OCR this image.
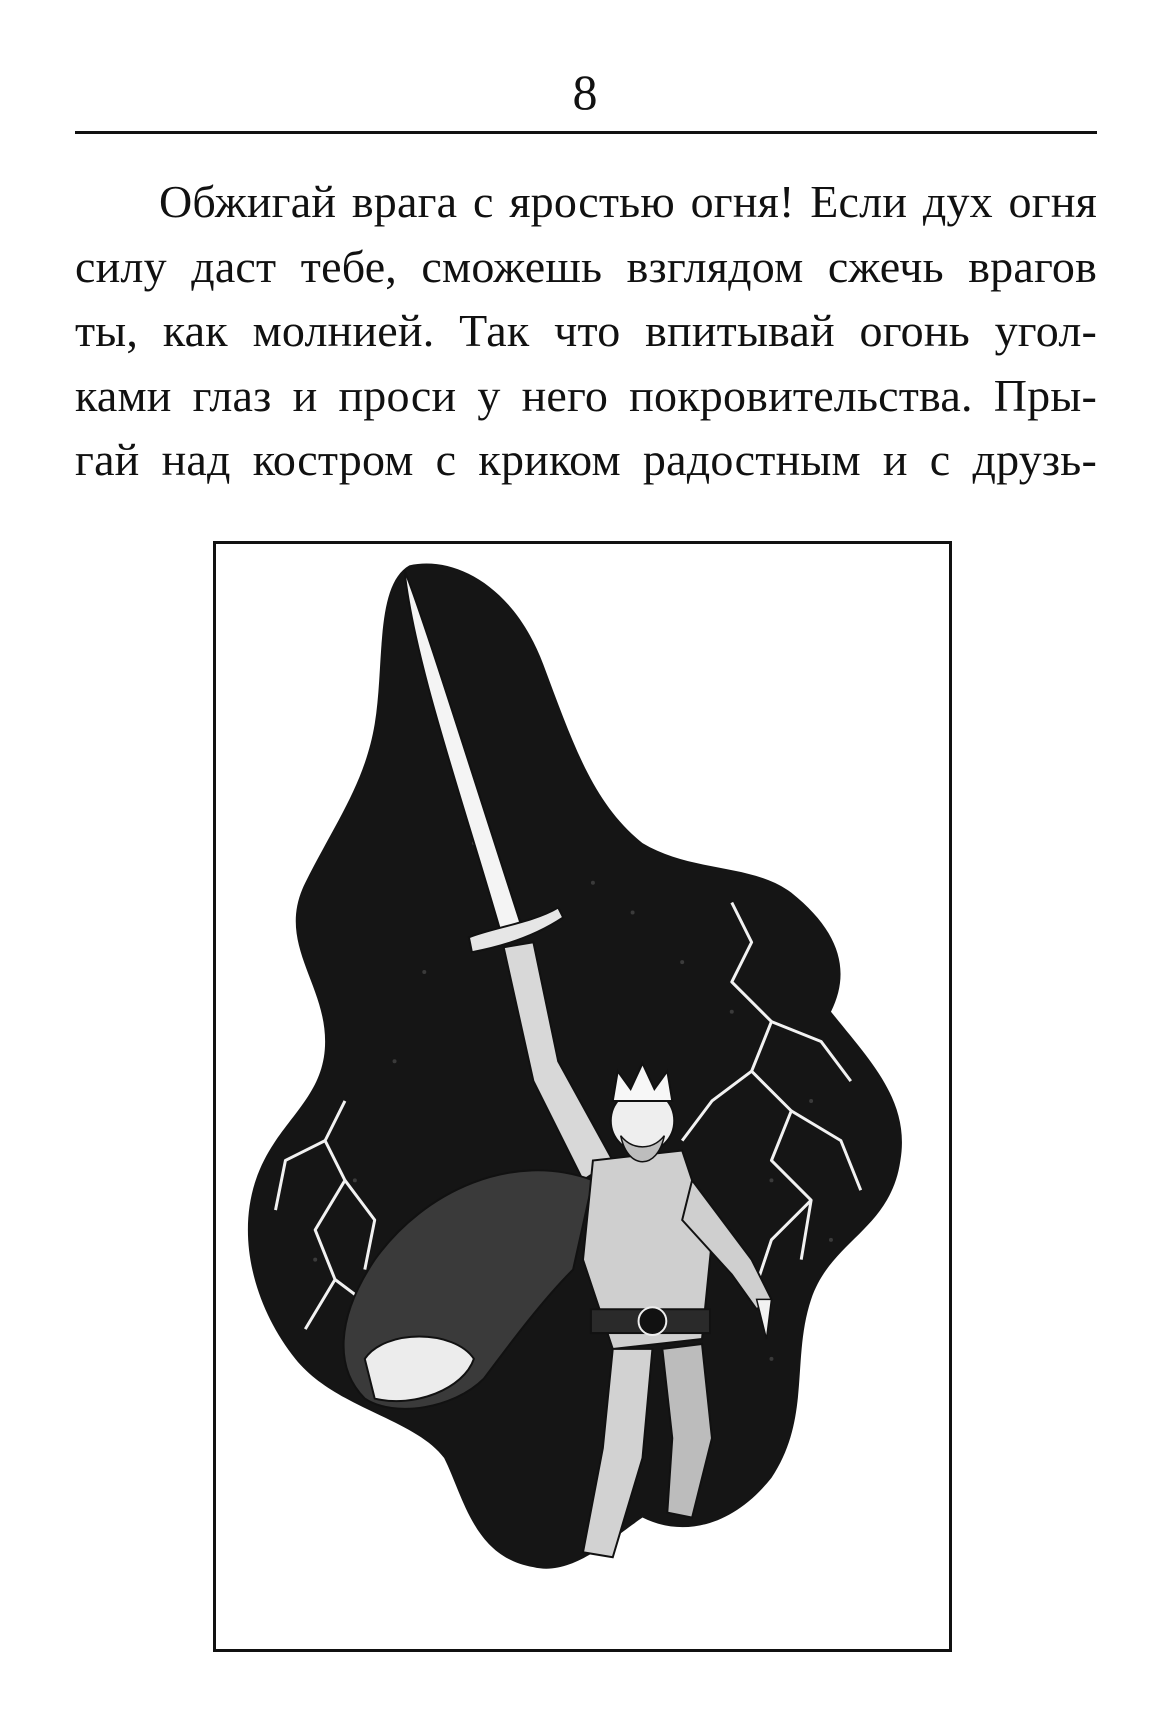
8
Обжигай врага с яростью огня! Если дух огня
силу даст тебе, сможешь взглядом сжечь врагов
ты, как молнией. Так что впитывай огонь угол-
ками глаз и проси у него покровительства. Пры-
гай над костром с криком радостным и с друзь-
